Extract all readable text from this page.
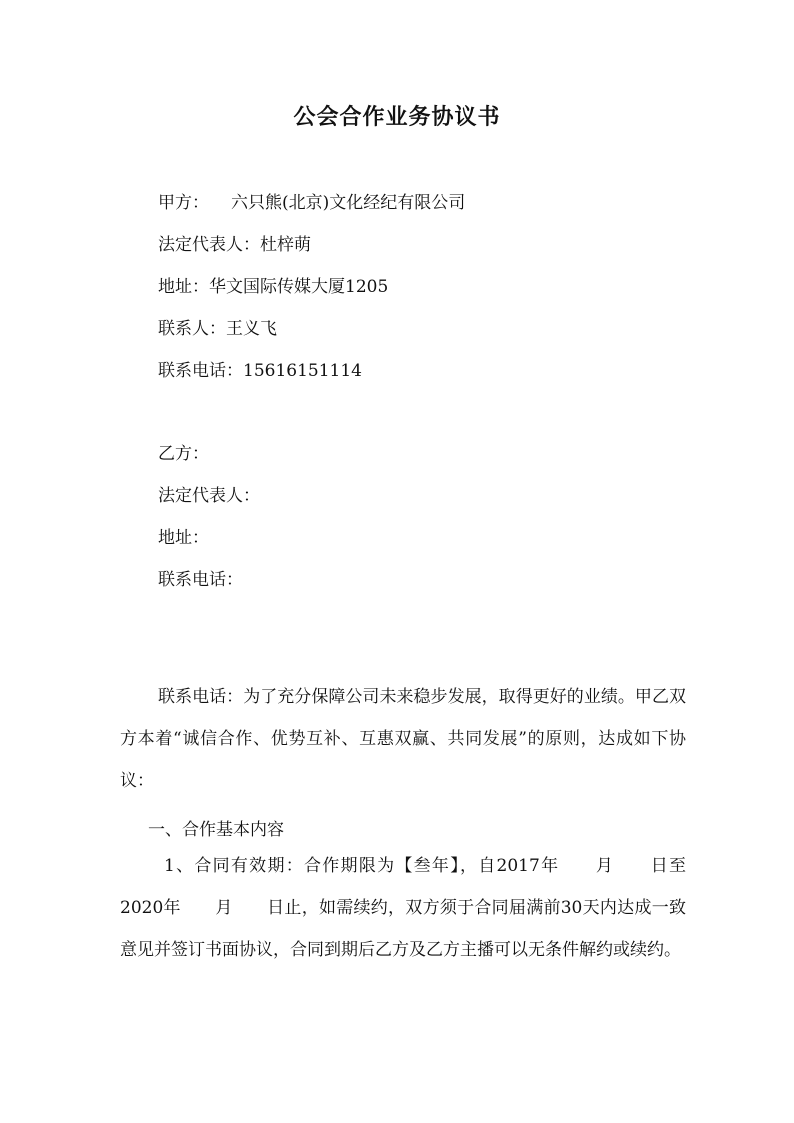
公会合作业务协议书
甲方： 六只熊(北京)文化经纪有限公司
法定代表人：杜梓萌
地址：华文国际传媒大厦1205
联系人：王义飞
联系电话：15616151114
乙方：
法定代表人：
地址：
联系电话：
联系电话：为了充分保障公司未来稳步发展，取得更好的业绩。甲乙双方本着“诚信合作、优势互补、互惠双赢、共同发展”的原则，达成如下协议：
一、合作基本内容
1、合同有效期：合作期限为【叁年】，自2017年　　月　　日至2020年　　月　　日止，如需续约，双方须于合同届满前30天内达成一致意见并签订书面协议，合同到期后乙方及乙方主播可以无条件解约或续约。
